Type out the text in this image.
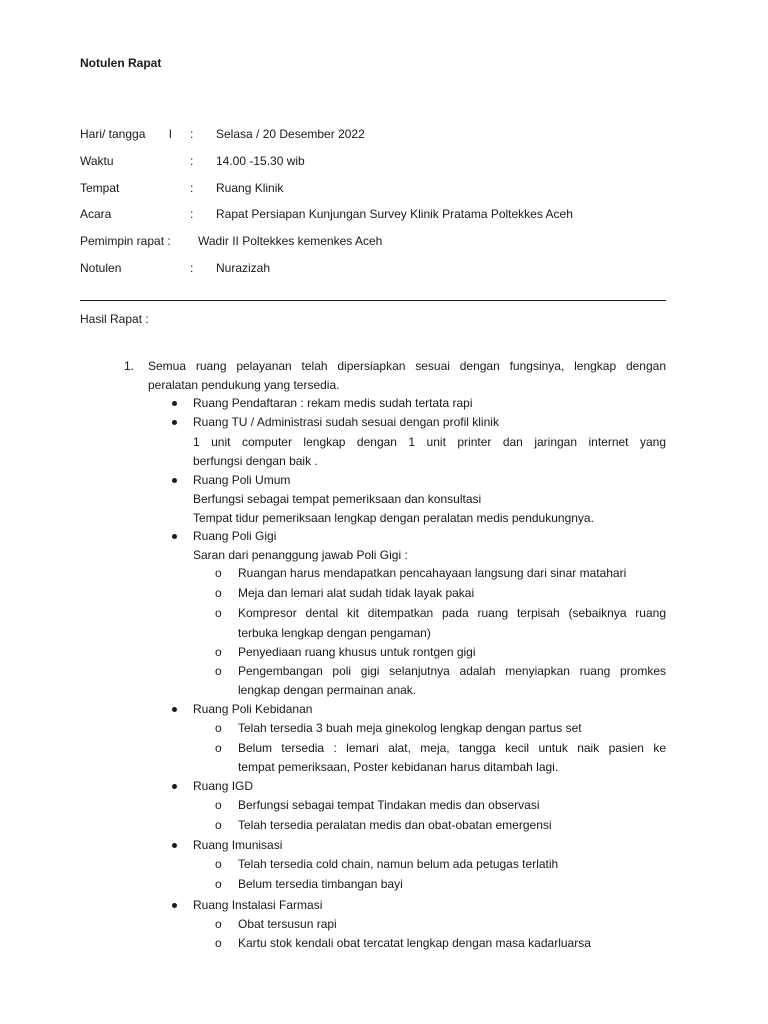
Notulen Rapat
Hari/ tangga l : Selasa / 20 Desember 2022
Waktu	: 14.00 -15.30 wib
Tempat	: Ruang Klinik
Acara	: Rapat Persiapan Kunjungan Survey Klinik Pratama Poltekkes Aceh
Pemimpin rapat : Wadir II Poltekkes kemenkes Aceh
Notulen	: Nurazizah
Hasil Rapat :
1. Semua ruang pelayanan telah dipersiapkan sesuai dengan fungsinya, lengkap dengan
peralatan pendukung yang tersedia.
Ruang Pendaftaran : rekam medis sudah tertata rapi
Ruang TU / Administrasi sudah sesuai dengan profil klinik
1 unit computer lengkap dengan 1 unit printer dan jaringan internet yang
berfungsi dengan baik .
Ruang Poli Umum
Berfungsi sebagai tempat pemeriksaan dan konsultasi
Tempat tidur pemeriksaan lengkap dengan peralatan medis pendukungnya.
Ruang Poli Gigi
Saran dari penanggung jawab Poli Gigi :
o Ruangan harus mendapatkan pencahayaan langsung dari sinar matahari
o Meja dan lemari alat sudah tidak layak pakai
o Kompresor dental kit ditempatkan pada ruang terpisah (sebaiknya ruang
terbuka lengkap dengan pengaman)
o Penyediaan ruang khusus untuk rontgen gigi
o Pengembangan poli gigi selanjutnya adalah menyiapkan ruang promkes
lengkap dengan permainan anak.
Ruang Poli Kebidanan
o Telah tersedia 3 buah meja ginekolog lengkap dengan partus set
o Belum tersedia : lemari alat, meja, tangga kecil untuk naik pasien ke
tempat pemeriksaan, Poster kebidanan harus ditambah lagi.
Ruang IGD
o Berfungsi sebagai tempat Tindakan medis dan observasi
o Telah tersedia peralatan medis dan obat-obatan emergensi
Ruang Imunisasi
o Telah tersedia cold chain, namun belum ada petugas terlatih
o Belum tersedia timbangan bayi
Ruang Instalasi Farmasi
o Obat tersusun rapi
o Kartu stok kendali obat tercatat lengkap dengan masa kadarluarsa
